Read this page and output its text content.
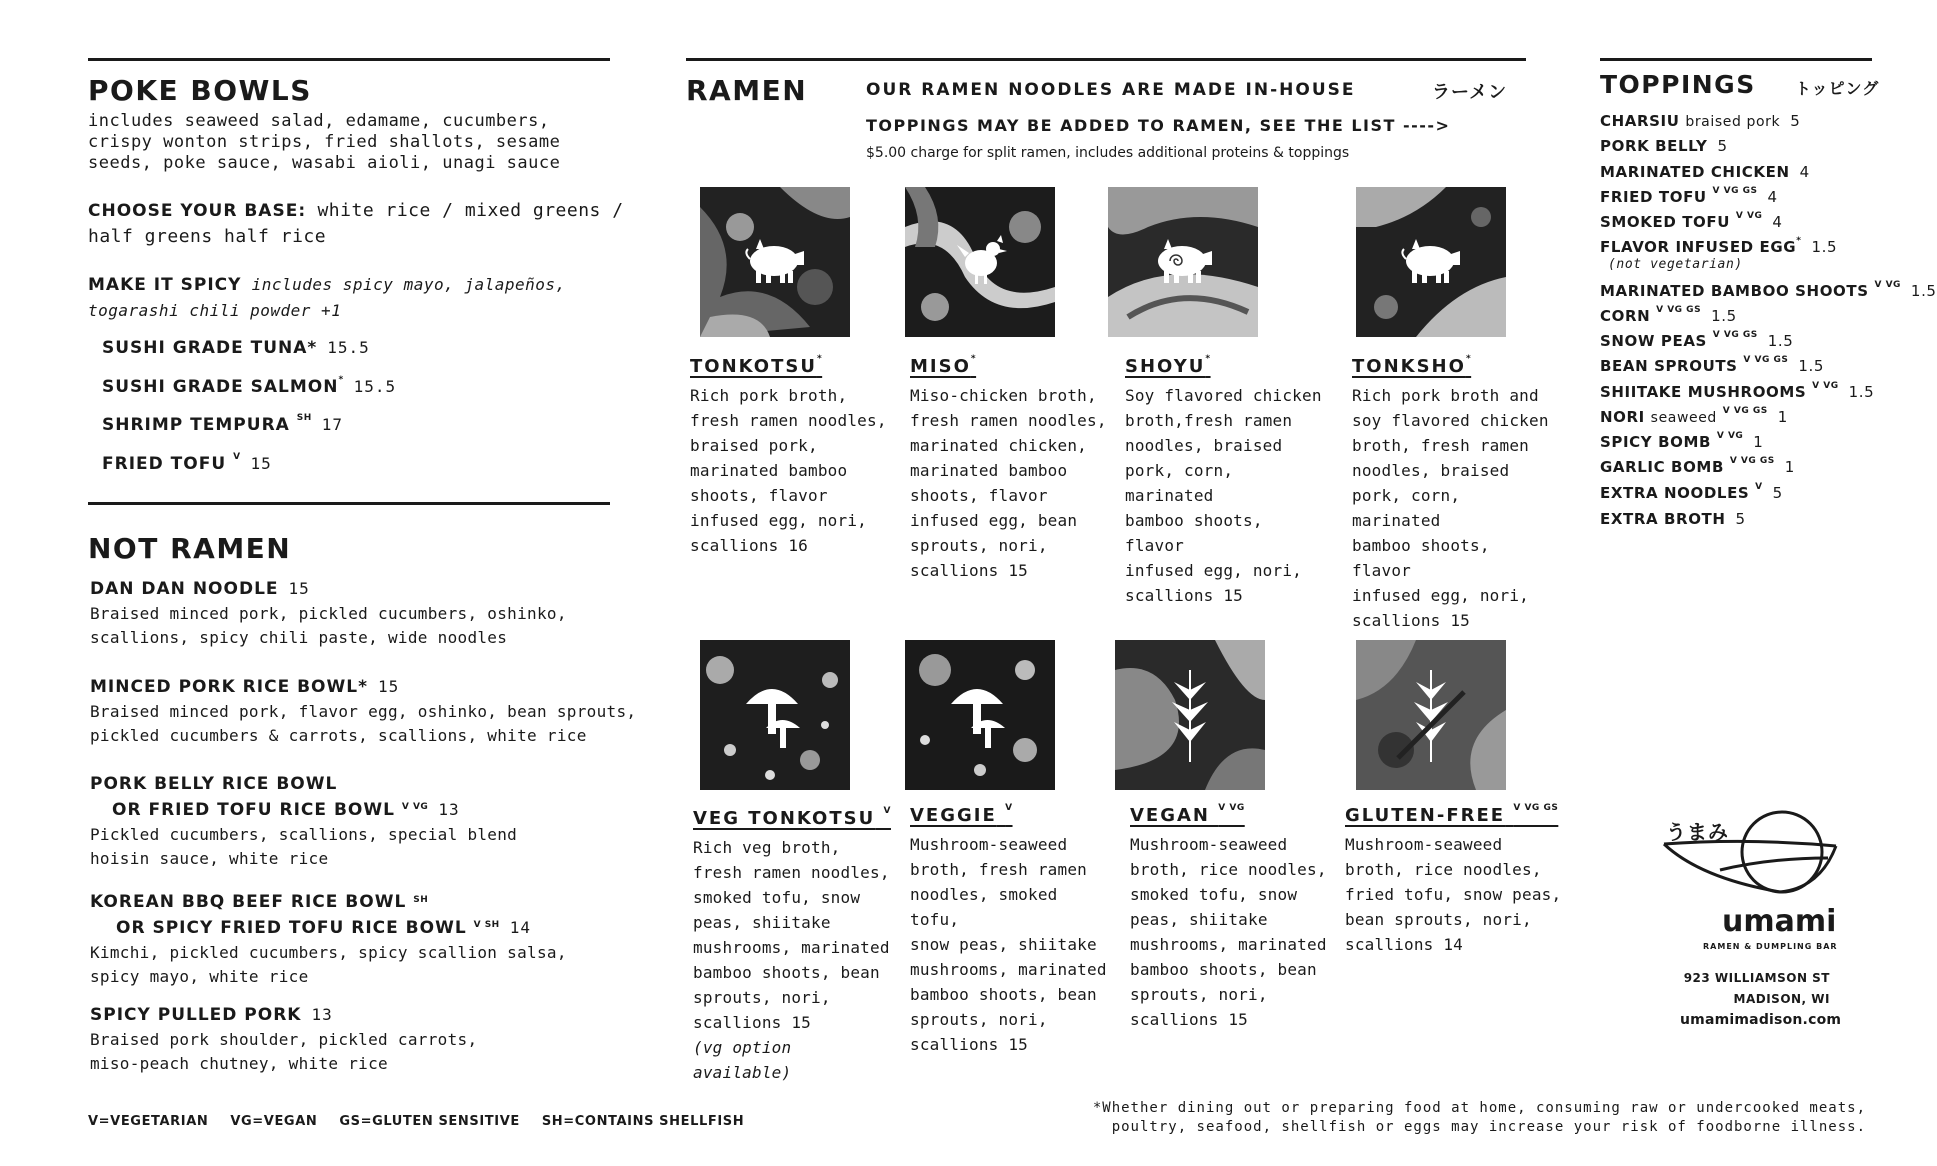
POKE BOWLS
includes seaweed salad, edamame, cucumbers,
crispy wonton strips, fried shallots, sesame
seeds, poke sauce, wasabi aioli, unagi sauce
CHOOSE YOUR BASE: white rice / mixed greens /
half greens half rice
MAKE IT SPICY includes spicy mayo, jalapeños,
togarashi chili powder +1
SUSHI GRADE TUNA* 15.5
SUSHI GRADE SALMON* 15.5
SHRIMP TEMPURA $^{SH}$ 17
FRIED TOFU $^V$ 15
NOT RAMEN
DAN DAN NOODLE 15
Braised minced pork, pickled cucumbers, oshinko,
scallions, spicy chili paste, wide noodles
MINCED PORK RICE BOWL* 15
Braised minced pork, flavor egg, oshinko, bean sprouts,
pickled cucumbers & carrots, scallions, white rice
PORK BELLY RICE BOWL
OR FRIED TOFU RICE BOWL $^{V VG}$ 13
Pickled cucumbers, scallions, special blend
hoisin sauce, white rice
KOREAN BBQ BEEF RICE BOWL $^{SH}$
OR SPICY FRIED TOFU RICE BOWL $^{V SH}$ 14
Kimchi, pickled cucumbers, spicy scallion salsa,
spicy mayo, white rice
SPICY PULLED PORK 13
Braised pork shoulder, pickled carrots,
miso-peach chutney, white rice
V=VEGETARIAN VG=VEGAN GS=GLUTEN SENSITIVE SH=CONTAINS SHELLFISH
RAMEN	OUR RAMEN NOODLES ARE MADE IN-HOUSE	ラーメン
TOPPINGS MAY BE ADDED TO RAMEN, SEE THE LIST ---->
$5.00 charge for split ramen, includes additional proteins & toppings
TONKOTSU*
Rich pork broth,
fresh ramen noodles,
braised pork,
marinated bamboo
shoots, flavor
infused egg, nori,
scallions 16
MISO*
Miso-chicken broth,
fresh ramen noodles,
marinated chicken,
marinated bamboo
shoots, flavor
infused egg, bean
sprouts, nori,
scallions 15
SHOYU*
Soy flavored chicken
broth,fresh ramen
noodles, braised
pork, corn, marinated
bamboo shoots, flavor
infused egg, nori,
scallions 15
TONKSHO*
Rich pork broth and
soy flavored chicken
broth, fresh ramen
noodles, braised
pork, corn, marinated
bamboo shoots, flavor
infused egg, nori,
scallions 15
VEG TONKOTSU $^V$
Rich veg broth,
fresh ramen noodles,
smoked tofu, snow
peas, shiitake
mushrooms, marinated
bamboo shoots, bean
sprouts, nori,
scallions 15
(vg option available)
VEGGIE $^V$
Mushroom-seaweed
broth, fresh ramen
noodles, smoked tofu,
snow peas, shiitake
mushrooms, marinated
bamboo shoots, bean
sprouts, nori,
scallions 15
VEGAN $^{V VG}$
Mushroom-seaweed
broth, rice noodles,
smoked tofu, snow
peas, shiitake
mushrooms, marinated
bamboo shoots, bean
sprouts, nori,
scallions 15
GLUTEN-FREE $^{V VG GS}$
Mushroom-seaweed
broth, rice noodles,
fried tofu, snow peas,
bean sprouts, nori,
scallions 14
TOPPINGS トッピング
CHARSIU braised pork 5
PORK BELLY 5
MARINATED CHICKEN 4
FRIED TOFU $^{V VG GS}$ 4
SMOKED TOFU $^{V VG}$ 4
FLAVOR INFUSED EGG* 1.5
(not vegetarian)
MARINATED BAMBOO SHOOTS $^{V VG}$ 1.5
CORN $^{V VG GS}$ 1.5
SNOW PEAS $^{V VG GS}$ 1.5
BEAN SPROUTS $^{V VG GS}$ 1.5
SHIITAKE MUSHROOMS $^{V VG}$ 1.5
NORI seaweed $^{V VG GS}$ 1
SPICY BOMB $^{V VG}$ 1
GARLIC BOMB $^{V VG GS}$ 1
EXTRA NOODLES $^V$ 5
EXTRA BROTH 5
うまみ
umami
RAMEN & DUMPLING BAR
923 WILLIAMSON ST
MADISON, WI
umamimadison.com
*Whether dining out or preparing food at home, consuming raw or undercooked meats,
poultry, seafood, shellfish or eggs may increase your risk of foodborne illness.
